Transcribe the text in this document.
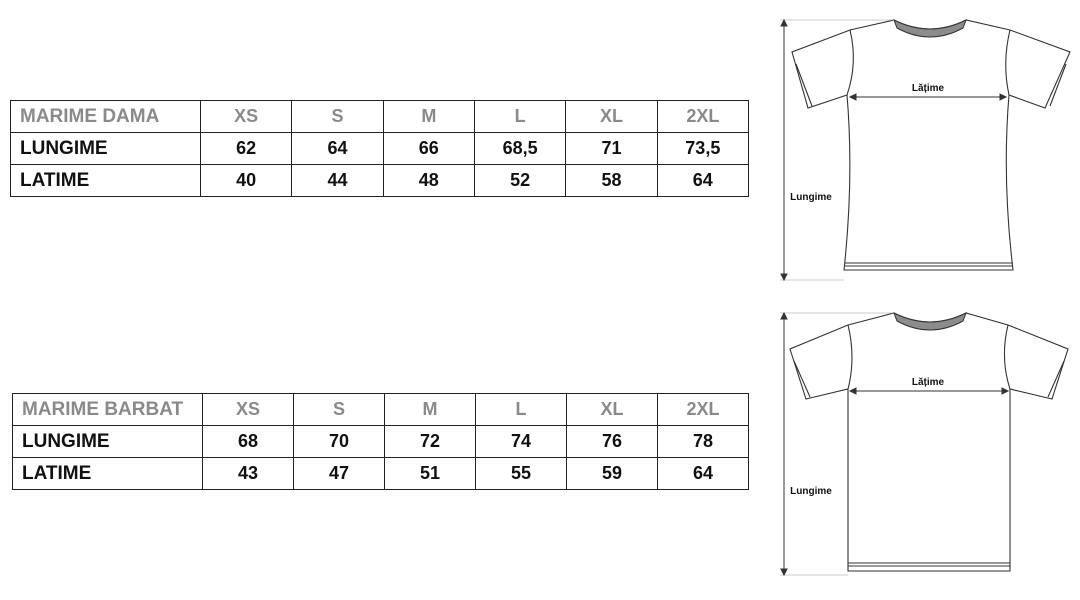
MARIME DAMA	XS	S	M	L	XL	2XL
LUNGIME	62	64	66	68,5	71	73,5
LATIME	40	44	48	52	58	64
MARIME BARBAT	XS	S	M	L	XL	2XL
LUNGIME	68	70	72	74	76	78
LATIME	43	47	51	55	59	64
Lățime
Lungime
Lățime
Lungime
